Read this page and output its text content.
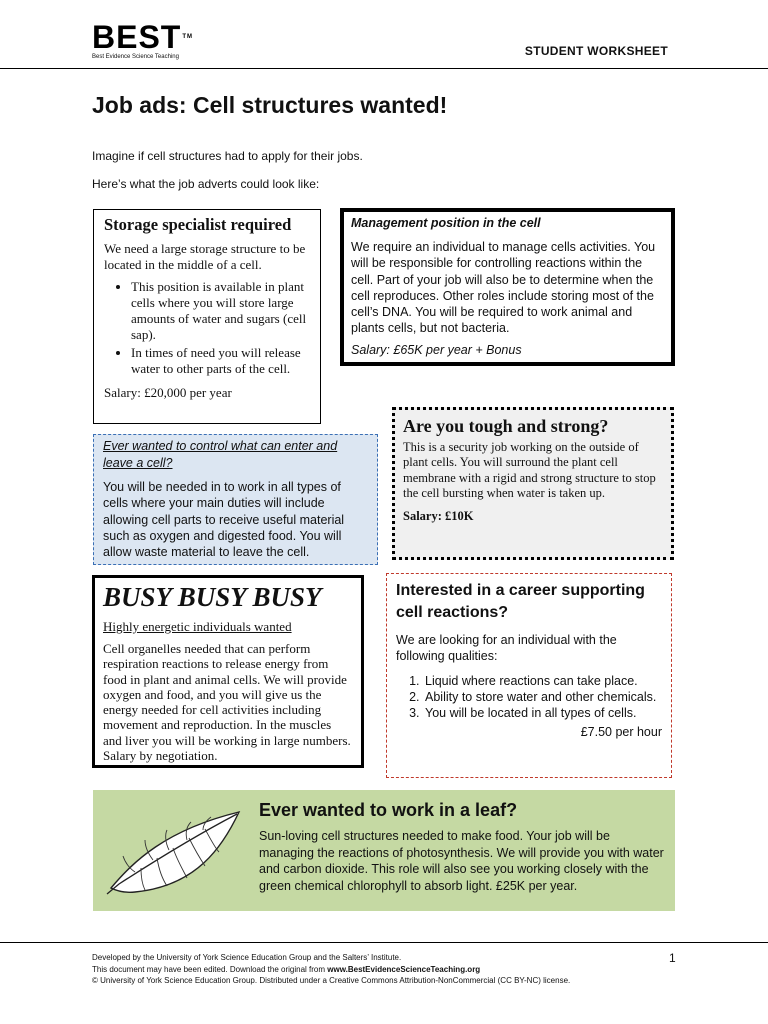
BEST™
Best Evidence Science Teaching	STUDENT WORKSHEET
Job ads: Cell structures wanted!
Imagine if cell structures had to apply for their jobs.
Here’s what the job adverts could look like:

Storage specialist required

We need a large storage structure to be located in the middle of a cell.

• This position is available in plant cells where you will store large amounts of water and sugars (cell sap).
• In times of need you will release water to other parts of the cell.

Salary: £20,000 per year

Management position in the cell

We require an individual to manage cells activities. You will be responsible for controlling reactions within the cell. Part of your job will also be to determine when the cell reproduces. Other roles include storing most of the cell’s DNA. You will be required to work animal and plants cells, but not bacteria.

Salary: £65K per year + Bonus

Ever wanted to control what can enter and leave a cell?

You will be needed in to work in all types of cells where your main duties will include allowing cell parts to receive useful material such as oxygen and digested food. You will allow waste material to leave the cell.

Are you tough and strong?

This is a security job working on the outside of plant cells. You will surround the plant cell membrane with a rigid and strong structure to stop the cell bursting when water is taken up.

Salary: £10K

BUSY BUSY BUSY

Highly energetic individuals wanted

Cell organelles needed that can perform respiration reactions to release energy from food in plant and animal cells. We will provide oxygen and food, and you will give us the energy needed for cell activities including movement and reproduction. In the muscles and liver you will be working in large numbers. Salary by negotiation.

Interested in a career supporting cell reactions?

We are looking for an individual with the following qualities:

1. Liquid where reactions can take place.
2. Ability to store water and other chemicals.
3. You will be located in all types of cells.

£7.50 per hour

Ever wanted to work in a leaf?
Sun-loving cell structures needed to make food. Your job will be managing the reactions of photosynthesis. We will provide you with water and carbon dioxide. This role will also see you working closely with the green chemical chlorophyll to absorb light. £25K per year.
Developed by the University of York Science Education Group and the Salters’ Institute.
This document may have been edited. Download the original from www.BestEvidenceScienceTeaching.org
© University of York Science Education Group. Distributed under a Creative Commons Attribution-NonCommercial (CC BY-NC) license.
1
